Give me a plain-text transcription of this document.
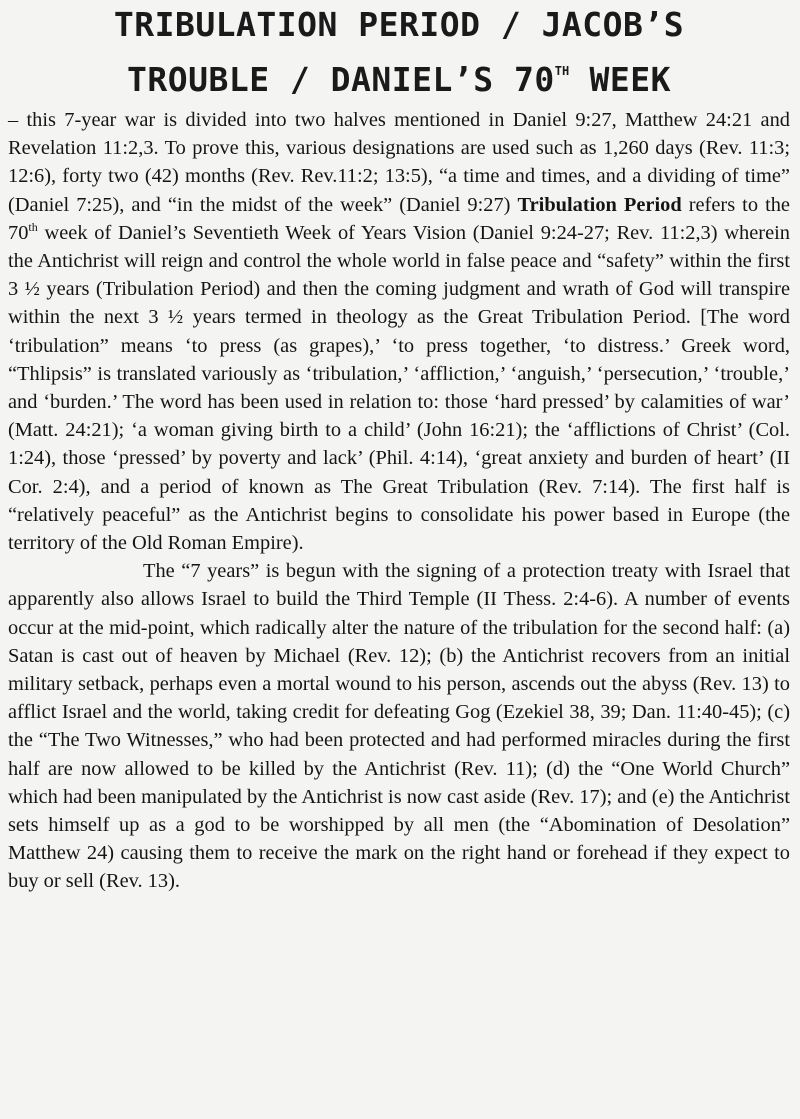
TRIBULATION PERIOD / JACOB’S
TROUBLE / DANIEL’S 70TH WEEK

– this 7-year war is divided into two halves mentioned in Daniel 9:27, Matthew 24:21 and Revelation 11:2,3. To prove this, various designations are used such as 1,260 days (Rev. 11:3; 12:6), forty two (42) months (Rev. Rev.11:2; 13:5), “a time and times, and a dividing of time” (Daniel 7:25), and “in the midst of the week” (Daniel 9:27) Tribulation Period refers to the 70th week of Daniel’s Seventieth Week of Years Vision (Daniel 9:24-27; Rev. 11:2,3) wherein the Antichrist will reign and control the whole world in false peace and “safety” within the first 3 ½ years (Tribulation Period) and then the coming judgment and wrath of God will transpire within the next 3 ½ years termed in theology as the Great Tribulation Period. [The word ‘tribulation” means ‘to press (as grapes),’ ‘to press together, ‘to distress.’ Greek word, “Thlipsis” is translated variously as ‘tribulation,’ ‘affliction,’ ‘anguish,’ ‘persecution,’ ‘trouble,’ and ‘burden.’ The word has been used in relation to: those ‘hard pressed’ by calamities of war’ (Matt. 24:21); ‘a woman giving birth to a child’ (John 16:21); the ‘afflictions of Christ’ (Col. 1:24), those ‘pressed’ by poverty and lack’ (Phil. 4:14), ‘great anxiety and burden of heart’ (II Cor. 2:4), and a period of known as The Great Tribulation (Rev. 7:14). The first half is “relatively peaceful” as the Antichrist begins to consolidate his power based in Europe (the territory of the Old Roman Empire).

The “7 years” is begun with the signing of a protection treaty with Israel that apparently also allows Israel to build the Third Temple (II Thess. 2:4-6). A number of events occur at the mid-point, which radically alter the nature of the tribulation for the second half: (a) Satan is cast out of heaven by Michael (Rev. 12); (b) the Antichrist recovers from an initial military setback, perhaps even a mortal wound to his person, ascends out the abyss (Rev. 13) to afflict Israel and the world, taking credit for defeating Gog (Ezekiel 38, 39; Dan. 11:40-45); (c) the “The Two Witnesses,” who had been protected and had performed miracles during the first half are now allowed to be killed by the Antichrist (Rev. 11); (d) the “One World Church” which had been manipulated by the Antichrist is now cast aside (Rev. 17); and (e) the Antichrist sets himself up as a god to be worshipped by all men (the “Abomination of Desolation” Matthew 24) causing them to receive the mark on the right hand or forehead if they expect to buy or sell (Rev. 13).
